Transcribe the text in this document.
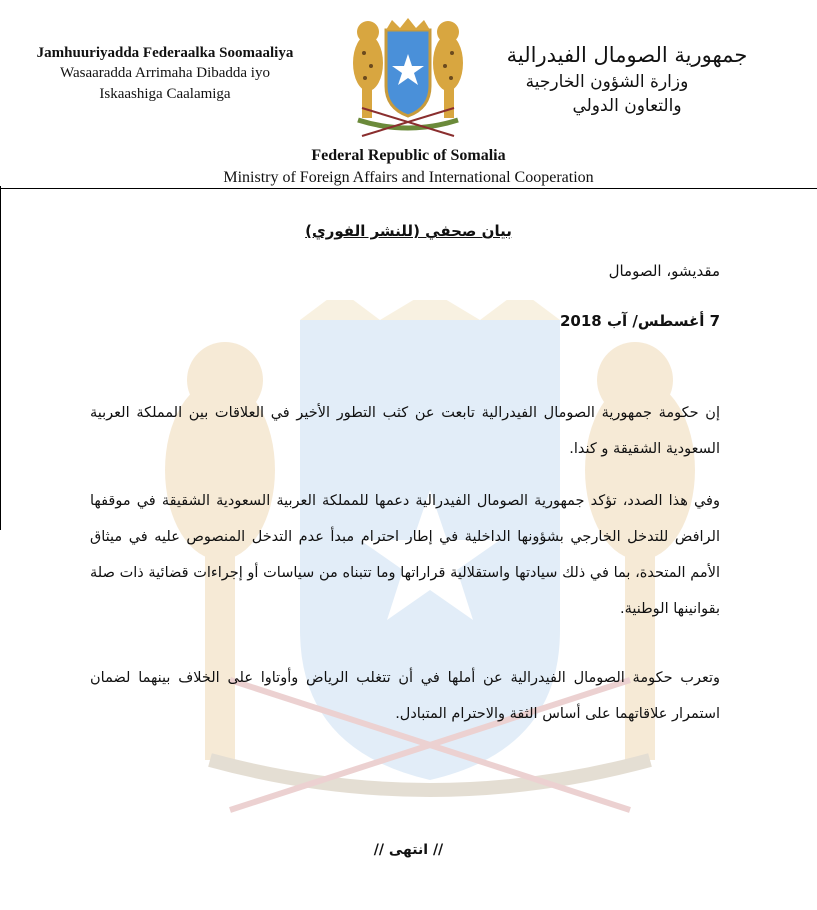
Jamhuuriyadda Federaalka Soomaaliya
Wasaaradda Arrimaha Dibadda iyo
Iskaashiga Caalamiga
جمهورية الصومال الفيدرالية
وزارة الشؤون الخارجية
والتعاون الدولي
Federal Republic of Somalia
Ministry of Foreign Affairs and International Cooperation
بيان صحفي (للنشر الفوري)
مقديشو، الصومال
7 أغسطس/ آب 2018
إن حكومة جمهورية الصومال الفيدرالية تابعت عن كثب التطور الأخير في العلاقات بين المملكة العربية السعودية الشقيقة و كندا.
وفي هذا الصدد، تؤكد جمهورية الصومال الفيدرالية دعمها للمملكة العربية السعودية الشقيقة في موقفها الرافض للتدخل الخارجي بشؤونها الداخلية في إطار احترام مبدأ عدم التدخل المنصوص عليه في ميثاق الأمم المتحدة، بما في ذلك سيادتها واستقلالية قراراتها وما تتبناه من سياسات أو إجراءات قضائية ذات صلة بقوانينها الوطنية.
وتعرب حكومة الصومال الفيدرالية عن أملها في أن تتغلب الرياض وأوتاوا على الخلاف بينهما لضمان استمرار علاقاتهما على أساس الثقة والاحترام المتبادل.
// انتهى //
